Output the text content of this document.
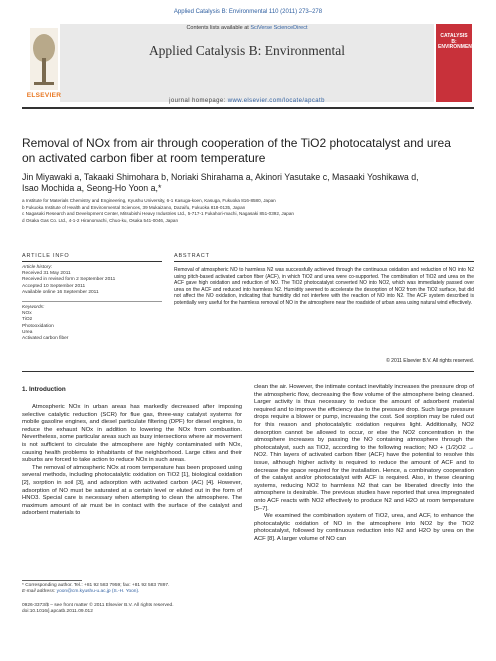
Applied Catalysis B: Environmental 110 (2011) 273–278
Contents lists available at SciVerse ScienceDirect
Applied Catalysis B: Environmental
journal homepage: www.elsevier.com/locate/apcatb
ELSEVIER
CATALYSIS B: ENVIRONMENTAL
Removal of NOx from air through cooperation of the TiO2 photocatalyst and urea
on activated carbon fiber at room temperature
Jin Miyawaki a, Takaaki Shimohara b, Noriaki Shirahama a, Akinori Yasutake c, Masaaki Yoshikawa d,
Isao Mochida a, Seong-Ho Yoon a,*
a Institute for Materials Chemistry and Engineering, Kyushu University, 6-1 Kasuga-koen, Kasuga, Fukuoka 816-8580, Japan
b Fukuoka Institute of Health and Environmental Sciences, 39 Mukaizano, Dazaifu, Fukuoka 818-0135, Japan
c Nagasaki Research and Development Center, Mitsubishi Heavy Industries Ltd., 5-717-1 Fukahori-machi, Nagasaki 851-0392, Japan
d Osaka Gas Co. Ltd., 4-1-2 Hiranomachi, Chuo-ku, Osaka 541-0046, Japan
ARTICLE INFO
Article history:
Received 31 May 2011
Received in revised form 2 September 2011
Accepted 10 September 2011
Available online 16 September 2011
Keywords:
NOx
TiO2
Photooxidation
Urea
Activated carbon fiber
ABSTRACT
Removal of atmospheric NO to harmless N2 was successfully achieved through the continuous oxidation and reduction of NO into N2 using pitch-based activated carbon fiber (ACF), in which TiO2 and urea were co-supported. The combination of TiO2 and urea on the ACF gave high oxidation and reduction of NO. The TiO2 photocatalyst converted NO into NO2, which was immediately passed over urea on the ACF and reduced into harmless N2. Humidity seemed to accelerate the desorption of NO2 from the TiO2 surface, but did not affect the NO oxidation, indicating that humidity did not interfere with the reaction of NO into N2. The ACF system described is potentially very useful for the harmless removal of NO in the atmosphere near the roadside of urban area using natural wind effectively.
© 2011 Elsevier B.V. All rights reserved.
1. Introduction

Atmospheric NOx in urban areas has markedly decreased after imposing selective catalytic reduction (SCR) for flue gas, three-way catalyst systems for mobile gasoline engines, and diesel particulate filtering (DPF) for diesel engines, to reduce the exhaust NOx in addition to lowering the NOx from combustion. Nevertheless, some particular areas such as busy intersections where air movement is not sufficient to circulate the atmosphere are highly contaminated with NOx, causing health problems to inhabitants of the neighborhood. Large cities and their suburbs are forced to take action to reduce NOx in such areas.

The removal of atmospheric NOx at room temperature has been proposed using several methods, including photocatalytic oxidation on TiO2 [1], biological oxidation [2], sorption in soil [3], and adsorption with activated carbon (AC) [4]. However, adsorption of NO must be saturated at a certain level or eluted out in the form of HNO3. Special care is necessary when attempting to clean the atmosphere. The maximum amount of air must be in contact with the surface of the catalyst and adsorbent materials to

clean the air. However, the intimate contact inevitably increases the pressure drop of the atmospheric flow, decreasing the flow volume of the atmosphere being cleaned. Larger activity is thus necessary to reduce the amount of adsorbent material required and to improve the efficiency due to the pressure drop. Such large pressure drops require a blower or pump, increasing the cost. Soil sorption may be ruled out for this reason and photocatalytic oxidation requires light. Additionally, NO2 desorption cannot be allowed to occur, or else the NO2 concentration in the atmosphere increases by passing the NO containing atmosphere through the photocatalyst, such as TiO2, according to the following reaction; NO + (1/2)O2 → NO2. Thin layers of activated carbon fiber (ACF) have the potential to resolve this issue, although higher activity is required to reduce the amount of ACF and to decrease the space required for the installation. Hence, a combinatory cooperation of the catalyst and/or photocatalyst with ACF is required. Also, in these cleaning systems, reducing NO2 to harmless N2 that can be liberated directly into the atmosphere is desirable. The previous studies have reported that urea impregnated onto ACF reacts with NO2 effectively to produce N2 and H2O at room temperature [5–7].

We examined the combination system of TiO2, urea, and ACF, to enhance the photocatalytic oxidation of NO in the atmosphere into NO2 by the TiO2 photocatalyst, followed by continuous reduction into N2 and H2O by urea on the ACF [8]. A larger volume of NO can

* Corresponding author. Tel.: +81 92 583 7959; fax: +81 92 583 7897.
E-mail address: yoon@cm.kyushu-u.ac.jp (S.-H. Yoon).
0926-3373/$ – see front matter © 2011 Elsevier B.V. All rights reserved.
doi:10.1016/j.apcatb.2011.09.012
